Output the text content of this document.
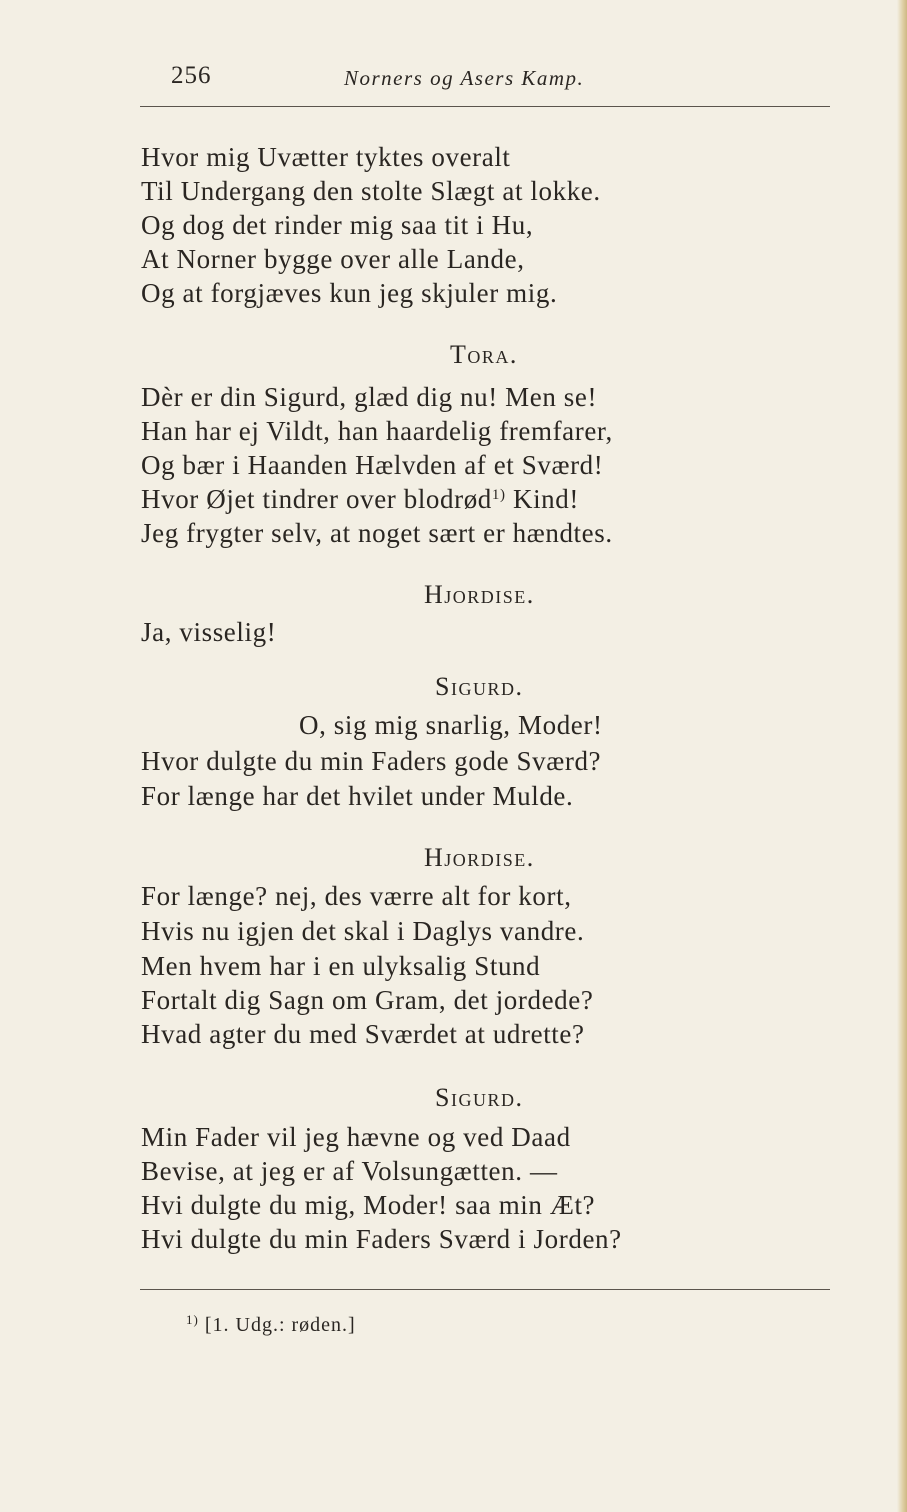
256	Norners og Asers Kamp.
Hvor mig Uvætter tyktes overalt
Til Undergang den stolte Slægt at lokke.
Og dog det rinder mig saa tit i Hu,
At Norner bygge over alle Lande,
Og at forgjæves kun jeg skjuler mig.
Tora.
Dèr er din Sigurd, glæd dig nu! Men se!
Han har ej Vildt, han haardelig fremfarer,
Og bær i Haanden Hælvden af et Sværd!
Hvor Øjet tindrer over blodrød$^{1)}$ Kind!
Jeg frygter selv, at noget sært er hændtes.
Hjordise.
Ja, visselig!
Sigurd.
O, sig mig snarlig, Moder!
Hvor dulgte du min Faders gode Sværd?
For længe har det hvilet under Mulde.
Hjordise.
For længe? nej, des værre alt for kort,
Hvis nu igjen det skal i Daglys vandre.
Men hvem har i en ulyksalig Stund
Fortalt dig Sagn om Gram, det jordede?
Hvad agter du med Sværdet at udrette?
Sigurd.
Min Fader vil jeg hævne og ved Daad
Bevise, at jeg er af Volsungætten. —
Hvi dulgte du mig, Moder! saa min Æt?
Hvi dulgte du min Faders Sværd i Jorden?
$^{1)}$ [1. Udg.: røden.]
